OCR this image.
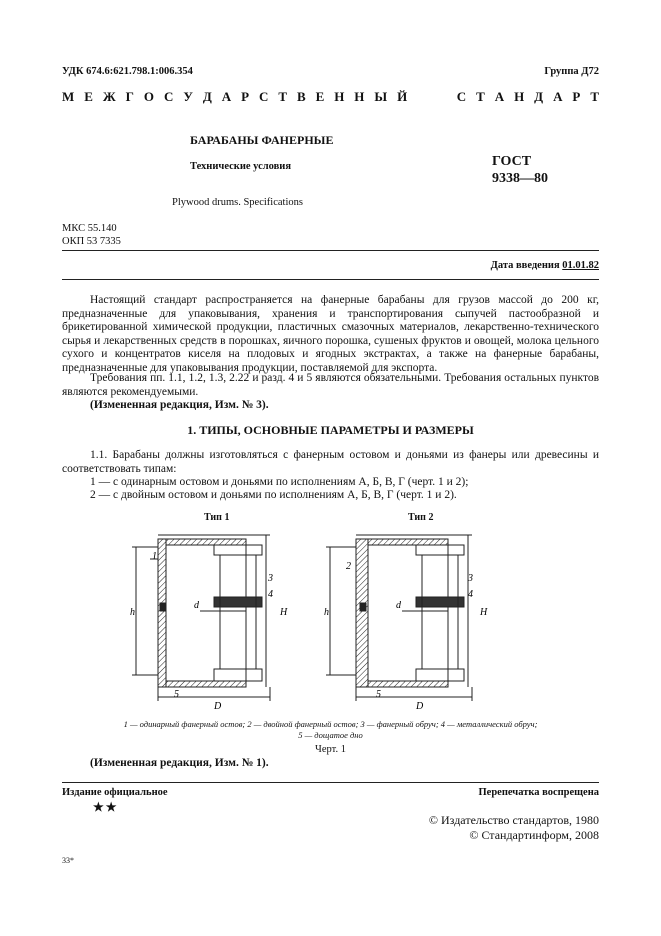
УДК 674.6:621.798.1:006.354	Группа Д72
М Е Ж Г О С У Д А Р С Т В Е Н Н Ы Й

	С Т А Н Д А Р Т
БАРАБАНЫ ФАНЕРНЫЕ
Технические условия	ГОСТ
9338—80
Plywood drums. Specifications
МКС 55.140
ОКП 53 7335
Дата введения 01.01.82
Настоящий стандарт распространяется на фанерные барабаны для грузов массой до 200 кг, предназначенные для упаковывания, хранения и транспортирования сыпучей пастообразной и брикетированной химической продукции, пластичных смазочных материалов, лекарственно-технического сырья и лекарственных средств в порошках, яичного порошка, сушеных фруктов и овощей, молока цельного сухого и концентратов киселя на плодовых и ягодных экстрактах, а также на фанерные барабаны, предназначенные для упаковывания продукции, поставляемой для экспорта.
Требования пп. 1.1, 1.2, 1.3, 2.22 и разд. 4 и 5 являются обязательными. Требования остальных пунктов являются рекомендуемыми.
(Измененная редакция, Изм. № 3).
1. ТИПЫ, ОСНОВНЫЕ ПАРАМЕТРЫ И РАЗМЕРЫ
1.1. Барабаны должны изготовляться с фанерным остовом и доньями из фанеры или древесины и соответствовать типам:
1 — с одинарным остовом и доньями по исполнениям А, Б, В, Г (черт. 1 и 2);
2 — с двойным остовом и доньями по исполнениям А, Б, В, Г (черт. 1 и 2).
Тип 1	Тип 2
h	H
d
D
h	H
d
D
1
2
3
4
5
3
4
5
1 — одинарный фанерный остов; 2 — двойной фанерный остов; 3 — фанерный обруч; 4 — металлический обруч;
5 — дощатое дно
Черт. 1
(Измененная редакция, Изм. № 1).
Издание официальное
★★
Перепечатка воспрещена
© Издательство стандартов, 1980
© Стандартинформ, 2008
33*
